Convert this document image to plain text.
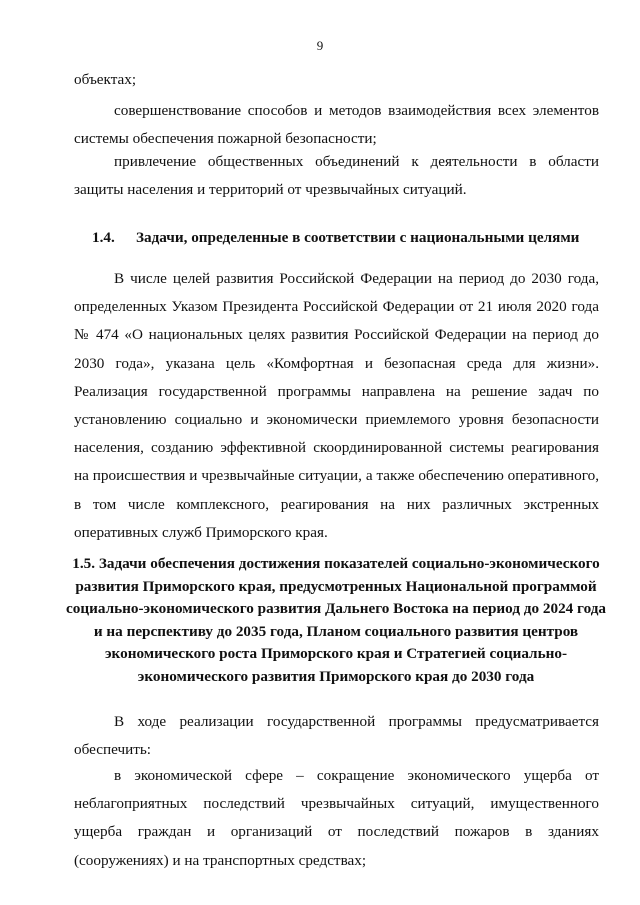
9
объектах;
совершенствование способов и методов взаимодействия всех элементов системы обеспечения пожарной безопасности;
привлечение общественных объединений к деятельности в области защиты населения и территорий от чрезвычайных ситуаций.
1.4. Задачи, определенные в соответствии с национальными целями
В числе целей развития Российской Федерации на период до 2030 года, определенных Указом Президента Российской Федерации от 21 июля 2020 года № 474 «О национальных целях развития Российской Федерации на период до 2030 года», указана цель «Комфортная и безопасная среда для жизни». Реализация государственной программы направлена на решение задач по установлению социально и экономически приемлемого уровня безопасности населения, созданию эффективной скоординированной системы реагирования на происшествия и чрезвычайные ситуации, а также обеспечению оперативного, в том числе комплексного, реагирования на них различных экстренных оперативных служб Приморского края.
1.5. Задачи обеспечения достижения показателей социально-экономического развития Приморского края, предусмотренных Национальной программой социально-экономического развития Дальнего Востока на период до 2024 года и на перспективу до 2035 года, Планом социального развития центров экономического роста Приморского края и Стратегией социально-экономического развития Приморского края до 2030 года
В ходе реализации государственной программы предусматривается обеспечить:
в экономической сфере – сокращение экономического ущерба от неблагоприятных последствий чрезвычайных ситуаций, имущественного ущерба граждан и организаций от последствий пожаров в зданиях (сооружениях) и на транспортных средствах;
